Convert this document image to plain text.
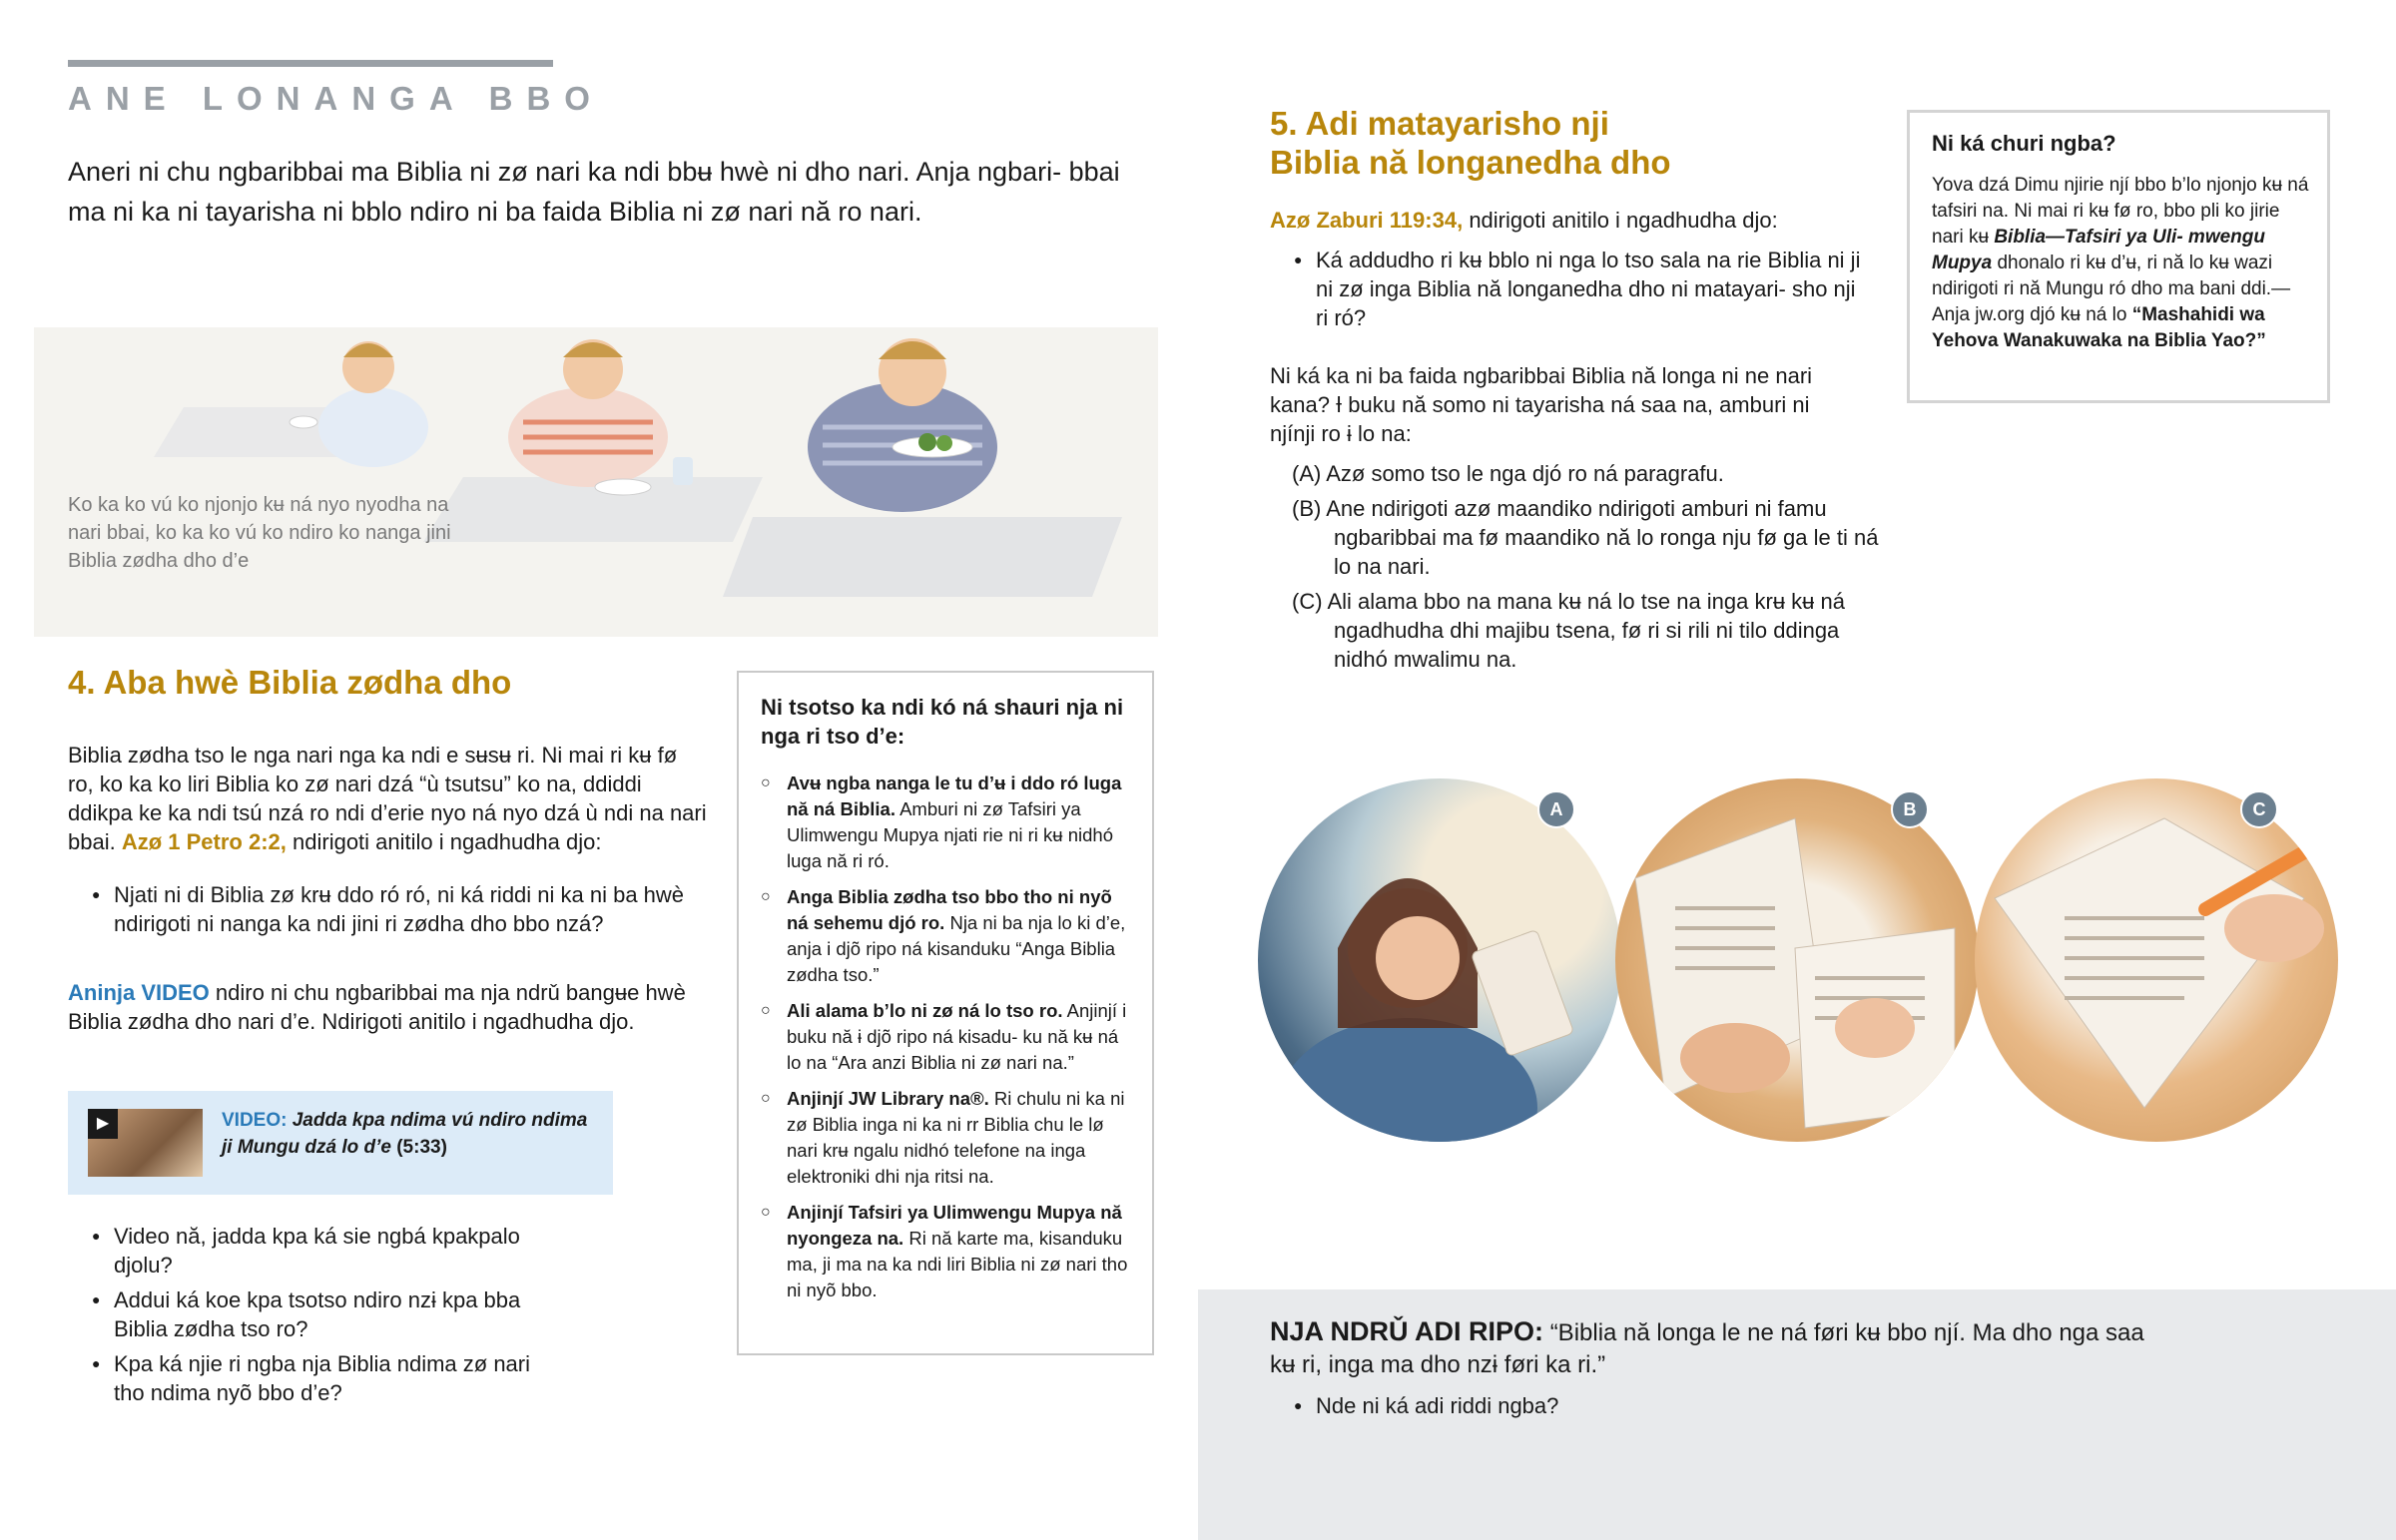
ANE LONANGA BBO
Aneri ni chu ngbaribbai ma Biblia ni zø nari ka ndi bbʉ hwè ni dho nari. Anja ngbari- bbai ma ni ka ni tayarisha ni bblo ndiro ni ba faida Biblia ni zø nari nă ro nari.
Ko ka ko vú ko njonjo kʉ ná nyo nyodha na nari bbai, ko ka ko vú ko ndiro ko nanga jini Biblia zødha dho d’e
4. Aba hwè Biblia zødha dho
Biblia zødha tso le nga nari nga ka ndi e sʉsʉ ri. Ni mai ri kʉ fø ro, ko ka ko liri Biblia ko zø nari dzá “ù tsutsu” ko na, ddiddi ddikpa ke ka ndi tsú nzá ro ndi d’erie nyo ná nyo dzá ù ndi na nari bbai. Azø 1 Petro 2:2, ndirigoti anitilo i ngadhudha djo:
● Njati ni di Biblia zø krʉ ddo ró ró, ni ká riddi ni ka ni ba hwè ndirigoti ni nanga ka ndi jini ri zødha dho bbo nzá?
Aninja VIDEO ndiro ni chu ngbaribbai ma nja ndrǔ bangʉe hwè Biblia zødha dho nari d’e. Ndirigoti anitilo i ngadhudha djo.
▶	VIDEO: Jadda kpa ndima vú ndiro ndima ji Mungu dzá lo d’e (5:33)
● Video nă, jadda kpa ká sie ngbá kpakpalo djolu?
● Addui ká koe kpa tsotso ndiro nzɨ kpa bba Biblia zødha tso ro?
● Kpa ká njie ri ngba nja Biblia ndima zø nari tho ndima nyõ bbo d’e?
Ni tsotso ka ndi kó ná shauri nja ni nga ri tso d’e:
○ Avʉ ngba nanga le tu d’ʉ i ddo ró luga nă ná Biblia. Amburi ni zø Tafsiri ya Ulimwengu Mupya njati rie ni ri kʉ nidhó luga nă ri ró.
○ Anga Biblia zødha tso bbo tho ni nyõ ná sehemu djó ro. Nja ni ba nja lo ki d’e, anja i djõ ripo ná kisanduku “Anga Biblia zødha tso.”
○ Ali alama b’lo ni zø ná lo tso ro. Anjinjí i buku nă ɨ djõ ripo ná kisadu- ku nă kʉ ná lo na “Ara anzi Biblia ni zø nari na.”
○ Anjinjí JW Library na®. Ri chulu ni ka ni zø Biblia inga ni ka ni rr Biblia chu le lø nari krʉ ngalu nidhó telefone na inga elektroniki dhi nja ritsi na.
○ Anjinjí Tafsiri ya Ulimwengu Mupya nă nyongeza na. Ri nă karte ma, kisanduku ma, ji ma na ka ndi liri Biblia ni zø nari tho ni nyõ bbo.
5. Adi matayarisho nji
Biblia nă longanedha dho
Azø Zaburi 119:34, ndirigoti anitilo i ngadhudha djo:
● Ká addudho ri kʉ bblo ni nga lo tso sala na rie Biblia ni ji ni zø inga Biblia nă longanedha dho ni matayari- sho nji ri ró?
Ni ká ka ni ba faida ngbaribbai Biblia nă longa ni ne nari kana? Ɨ buku nă somo ni tayarisha ná saa na, amburi ni njínji ro ɨ lo na:
(A) Azø somo tso le nga djó ro ná paragrafu.
(B) Ane ndirigoti azø maandiko ndirigoti amburi ni famu ngbaribbai ma fø maandiko nă lo ronga nju fø ga le ti ná lo na nari.
(C) Ali alama bbo na mana kʉ ná lo tse na inga krʉ kʉ ná ngadhudha dhi majibu tsena, fø ri si rili ni tilo ddinga nidhó mwalimu na.
Ni ká churi ngba?
Yova dzá Dimu njirie njí bbo b’lo njonjo kʉ ná tafsiri na. Ni mai ri kʉ fø ro, bbo pli ko jirie nari kʉ Biblia—Tafsiri ya Uli- mwengu Mupya dhonalo ri kʉ d’ʉ, ri nă lo kʉ wazi ndirigoti ri nă Mungu ró dho ma bani ddi.—Anja jw.org djó kʉ ná lo “Mashahidi wa Yehova Wanakuwaka na Biblia Yao?”
A	B	C
NJA NDRǓ ADI RIPO: “Biblia nă longa le ne ná føri kʉ bbo njí. Ma dho nga saa kʉ ri, inga ma dho nzɨ føri ka ri.”
● Nde ni ká adi riddi ngba?
